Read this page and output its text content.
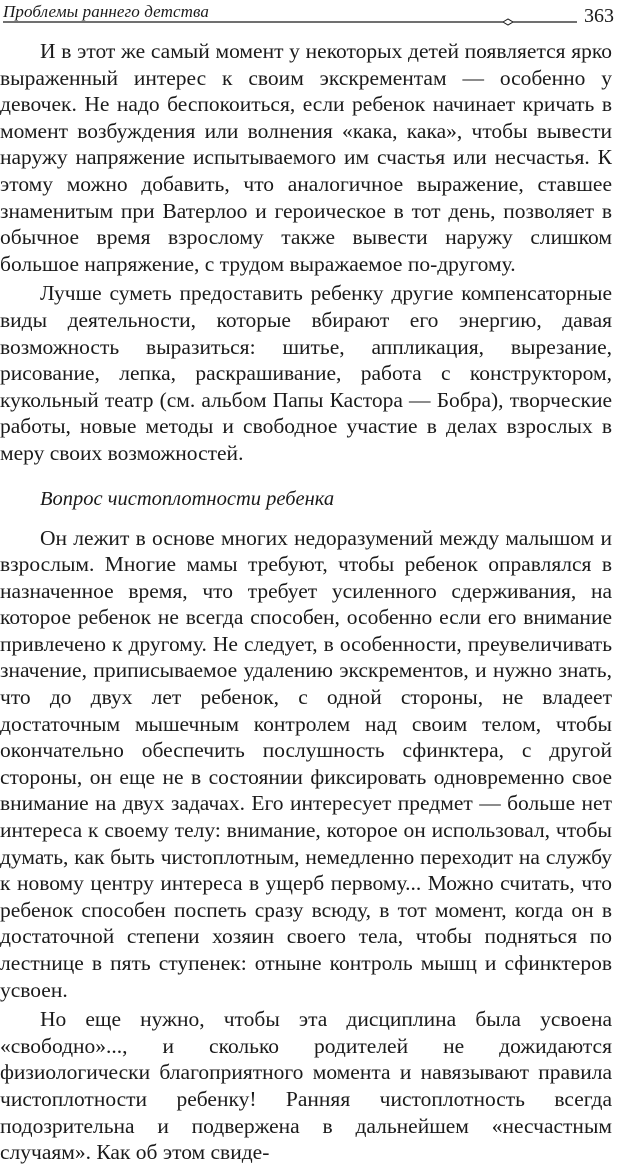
Проблемы раннего детства	363

И в этот же самый момент у некоторых детей появляется ярко выраженный интерес к своим экскрементам — особенно у девочек. Не надо беспокоиться, если ребенок начинает кричать в момент возбуждения или волнения «кака, кака», чтобы вывести наружу напряжение испытываемого им счастья или несчастья. К этому можно добавить, что аналогичное выражение, ставшее знаменитым при Ватерлоо и героическое в тот день, позволяет в обычное время взрослому также вывести наружу слишком большое напряжение, с трудом выражаемое по-другому.

Лучше суметь предоставить ребенку другие компенсаторные виды деятельности, которые вбирают его энергию, давая возможность выразиться: шитье, аппликация, вырезание, рисование, лепка, раскрашивание, работа с конструктором, кукольный театр (см. альбом Папы Кастора — Бобра), творческие работы, новые методы и свободное участие в делах взрослых в меру своих возможностей.

Вопрос чистоплотности ребенка

Он лежит в основе многих недоразумений между малышом и взрослым. Многие мамы требуют, чтобы ребенок оправлялся в назначенное время, что требует усиленного сдерживания, на которое ребенок не всегда способен, особенно если его внимание привлечено к другому. Не следует, в особенности, преувеличивать значение, приписываемое удалению экскрементов, и нужно знать, что до двух лет ребенок, с одной стороны, не владеет достаточным мышечным контролем над своим телом, чтобы окончательно обеспечить послушность сфинктера, с другой стороны, он еще не в состоянии фиксировать одновременно свое внимание на двух задачах. Его интересует предмет — больше нет интереса к своему телу: внимание, которое он использовал, чтобы думать, как быть чистоплотным, немедленно переходит на службу к новому центру интереса в ущерб первому... Можно считать, что ребенок способен поспеть сразу всюду, в тот момент, когда он в достаточной степени хозяин своего тела, чтобы подняться по лестнице в пять ступенек: отныне контроль мышц и сфинктеров усвоен.

Но еще нужно, чтобы эта дисциплина была усвоена «свободно»..., и сколько родителей не дожидаются физиологически благоприятного момента и навязывают правила чистоплотности ребенку! Ранняя чистоплотность всегда подозрительна и подвержена в дальнейшем «несчастным случаям». Как об этом свиде-
